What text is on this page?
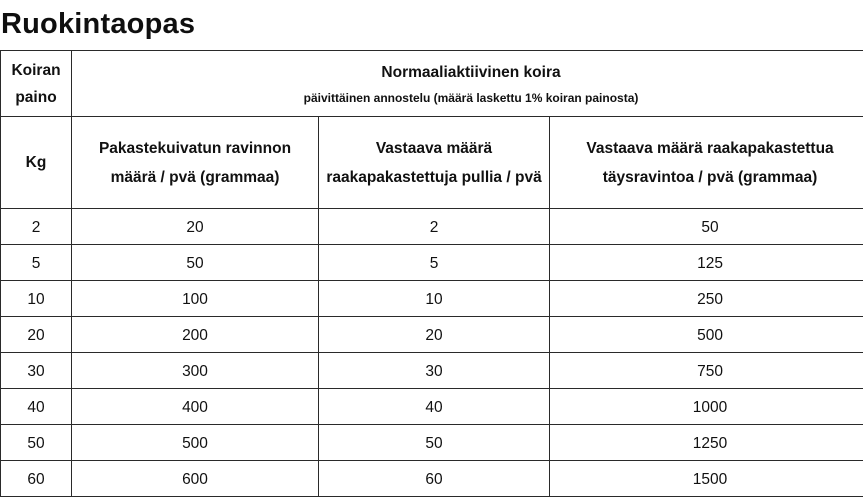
Ruokintaopas
Koiran paino	Normaaliaktiivinen koira
päivittäinen annostelu (määrä laskettu 1% koiran painosta)		

Kg	Pakastekuivatun ravinnon määrä / pvä (grammaa)	Vastaava määrä raakapakastettuja pullia / pvä	Vastaava määrä raakapakastettua täysravintoa / pvä (grammaa)

2	20	2	50
5	50	5	125
10	100	10	250
20	200	20	500
30	300	30	750
40	400	40	1000
50	500	50	1250
60	600	60	1500
